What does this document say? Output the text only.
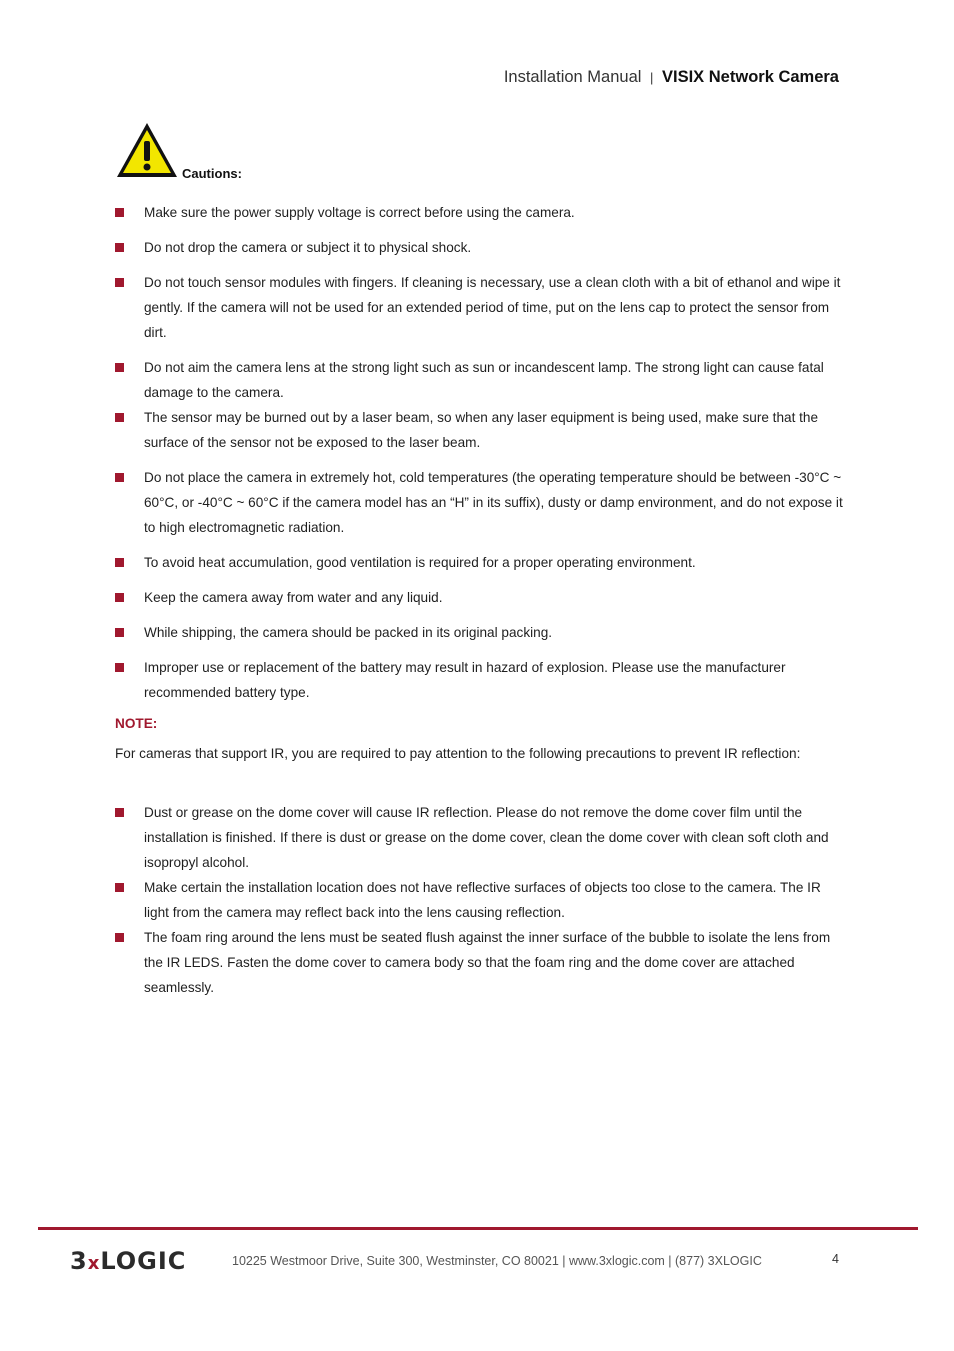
Installation Manual | VISIX Network Camera
Cautions:
Make sure the power supply voltage is correct before using the camera.
Do not drop the camera or subject it to physical shock.
Do not touch sensor modules with fingers. If cleaning is necessary, use a clean cloth with a bit of ethanol and wipe it gently. If the camera will not be used for an extended period of time, put on the lens cap to protect the sensor from dirt.
Do not aim the camera lens at the strong light such as sun or incandescent lamp. The strong light can cause fatal damage to the camera.
The sensor may be burned out by a laser beam, so when any laser equipment is being used, make sure that the surface of the sensor not be exposed to the laser beam.
Do not place the camera in extremely hot, cold temperatures (the operating temperature should be between -30°C ~ 60°C, or -40°C ~ 60°C if the camera model has an “H” in its suffix), dusty or damp environment, and do not expose it to high electromagnetic radiation.
To avoid heat accumulation, good ventilation is required for a proper operating environment.
Keep the camera away from water and any liquid.
While shipping, the camera should be packed in its original packing.
Improper use or replacement of the battery may result in hazard of explosion. Please use the manufacturer recommended battery type.
NOTE:
For cameras that support IR, you are required to pay attention to the following precautions to prevent IR reflection:
Dust or grease on the dome cover will cause IR reflection. Please do not remove the dome cover film until the installation is finished. If there is dust or grease on the dome cover, clean the dome cover with clean soft cloth and isopropyl alcohol.
Make certain the installation location does not have reflective surfaces of objects too close to the camera. The IR light from the camera may reflect back into the lens causing reflection.
The foam ring around the lens must be seated flush against the inner surface of the bubble to isolate the lens from the IR LEDS. Fasten the dome cover to camera body so that the foam ring and the dome cover are attached seamlessly.
3xLOGIC	10225 Westmoor Drive, Suite 300, Westminster, CO 80021 | www.3xlogic.com | (877) 3XLOGIC	4
